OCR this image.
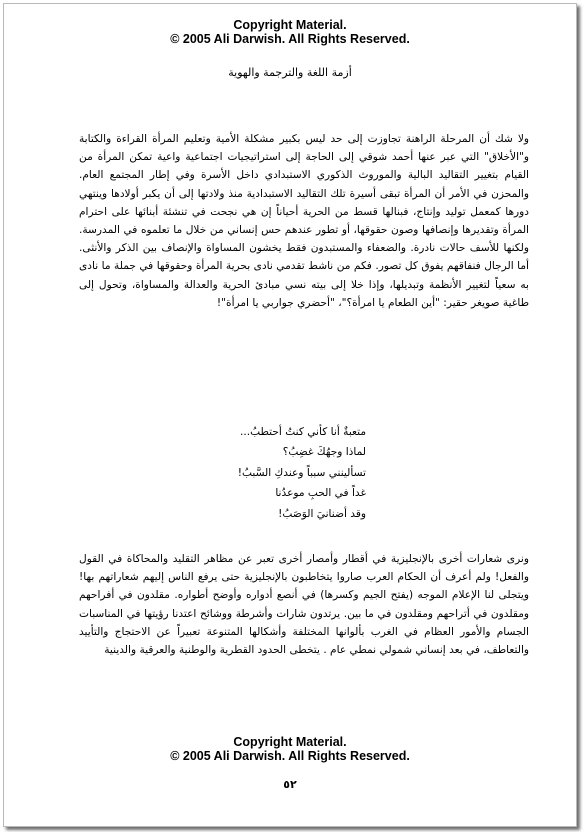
Copyright Material.
© 2005 Ali Darwish. All Rights Reserved.
أزمة اللغة والترجمة والهوية

ولا شك أن المرحلة الراهنة تجاوزت إلى حد ليس بكبير مشكلة الأمية وتعليم المرأة القراءة والكتابة و"الأخلاق" التي عبر عنها أحمد شوقي إلى الحاجة إلى استراتيجيات اجتماعية واعية تمكن المرأة من القيام بتغيير التقاليد البالية والموروث الذكوري الاستبدادي داخل الأسرة وفي إطار المجتمع العام. والمحزن في الأمر أن المرأة تبقى أسيرة تلك التقاليد الاستبدادية منذ ولادتها إلى أن يكبر أولادها وينتهي دورها كمعمل توليد وإنتاج، فبنالها قسط من الحرية أحياناً إن هي نجحت في تنشئة أبنائها على احترام المرأة وتقديرها وإنصافها وصون حقوقها، أو تطور عندهم حس إنساني من خلال ما تعلموه في المدرسة. ولكنها للأسف حالات نادرة. والضعفاء والمستبدون فقط يخشون المساواة والإنصاف بين الذكر والأنثى. أما الرجال فنفاقهم يفوق كل تصور. فكم من ناشط تقدمي نادى بحرية المرأة وحقوقها في جملة ما نادى به سعياً لتغيير الأنظمة وتبديلها، وإذا خلا إلى بيته نسي مبادئ الحرية والعدالة والمساواة، وتحول إلى طاغية صويغر حقير: "أين الطعام يا امرأة؟"، "أحضري جواربي يا امرأة"!

متعبةٌ أنا كأني كنتُ أحتطبُ...
لماذا وجهُكَ غضِبُ؟
تسألينني سبباً وعندكِ السَّببُ!
غداً في الحبِ موعدُنا
وقد أضنانيَ الوَصَبُ!

ونرى شعارات أخرى بالإنجليزية في أقطار وأمصار أخرى تعبر عن مظاهر التقليد والمحاكاة في القول والفعل! ولم أعرف أن الحكام العرب صاروا يتخاطبون بالإنجليزية حتى يرفع الناس إليهم شعاراتهم بها! ويتجلى لنا الإعلام الموجه (يفتح الجيم وكسرها) في أنصع أدواره وأوضح أطواره. مقلدون في أفراحهم ومقلدون في أتراحهم ومقلدون في ما بين. يرتدون شارات وأشرطة ووشائح اعتدنا رؤيتها في المناسبات الجسام والأمور العظام في الغرب بألوانها المختلفة وأشكالها المتنوعة تعبيراً عن الاحتجاج والتأييد والتعاطف، في بعد إنساني شمولي نمطي عام . يتخطى الحدود القطرية والوطنية والعرقية والدينية

Copyright Material.
© 2005 Ali Darwish. All Rights Reserved.
٥٢
